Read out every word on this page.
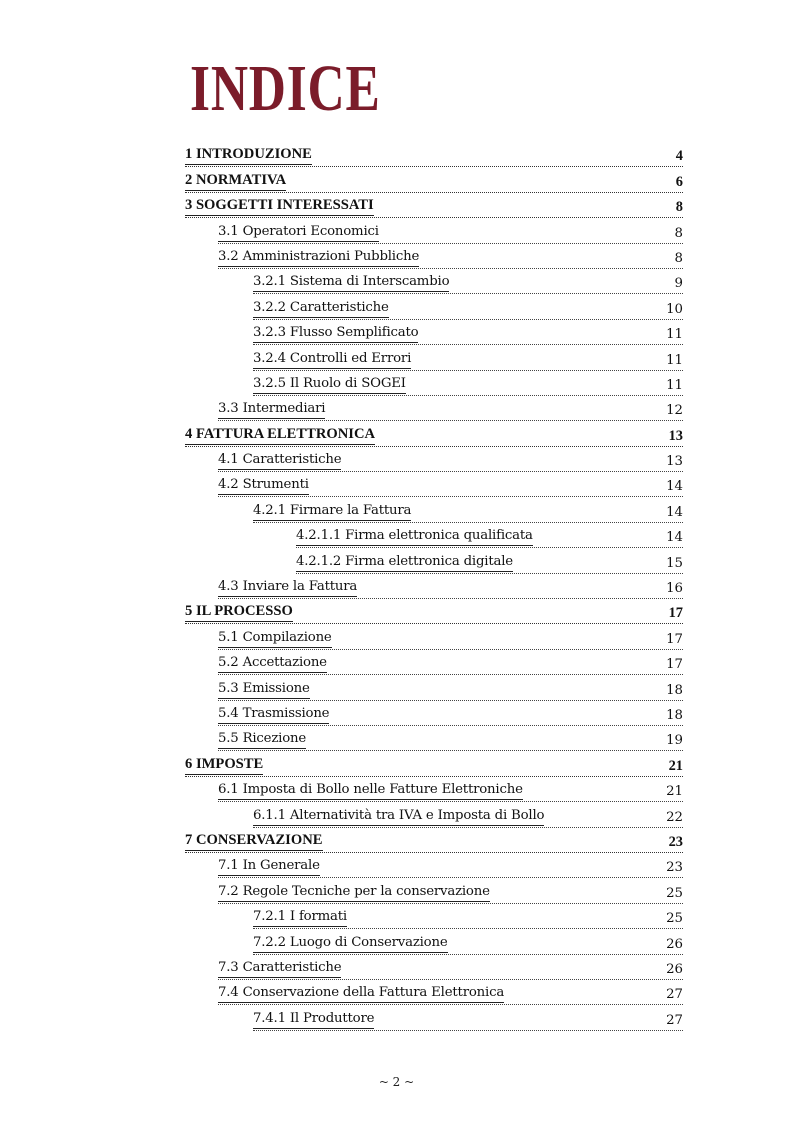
INDICE
1 INTRODUZIONE	4
2 NORMATIVA	6
3 SOGGETTI INTERESSATI	8
3.1 Operatori Economici	8
3.2 Amministrazioni Pubbliche	8
3.2.1 Sistema di Interscambio	9
3.2.2 Caratteristiche	10
3.2.3 Flusso Semplificato	11
3.2.4 Controlli ed Errori	11
3.2.5 Il Ruolo di SOGEI	11
3.3 Intermediari	12
4 FATTURA ELETTRONICA	13
4.1 Caratteristiche	13
4.2 Strumenti	14
4.2.1 Firmare la Fattura	14
4.2.1.1 Firma elettronica qualificata	14
4.2.1.2 Firma elettronica digitale	15
4.3 Inviare la Fattura	16
5 IL PROCESSO	17
5.1 Compilazione	17
5.2 Accettazione	17
5.3 Emissione	18
5.4 Trasmissione	18
5.5 Ricezione	19
6 IMPOSTE	21
6.1 Imposta di Bollo nelle Fatture Elettroniche	21
6.1.1 Alternatività tra IVA e Imposta di Bollo	22
7 CONSERVAZIONE	23
7.1 In Generale	23
7.2 Regole Tecniche per la conservazione	25
7.2.1 I formati	25
7.2.2 Luogo di Conservazione	26
7.3 Caratteristiche	26
7.4 Conservazione della Fattura Elettronica	27
7.4.1 Il Produttore	27
~ 2 ~
